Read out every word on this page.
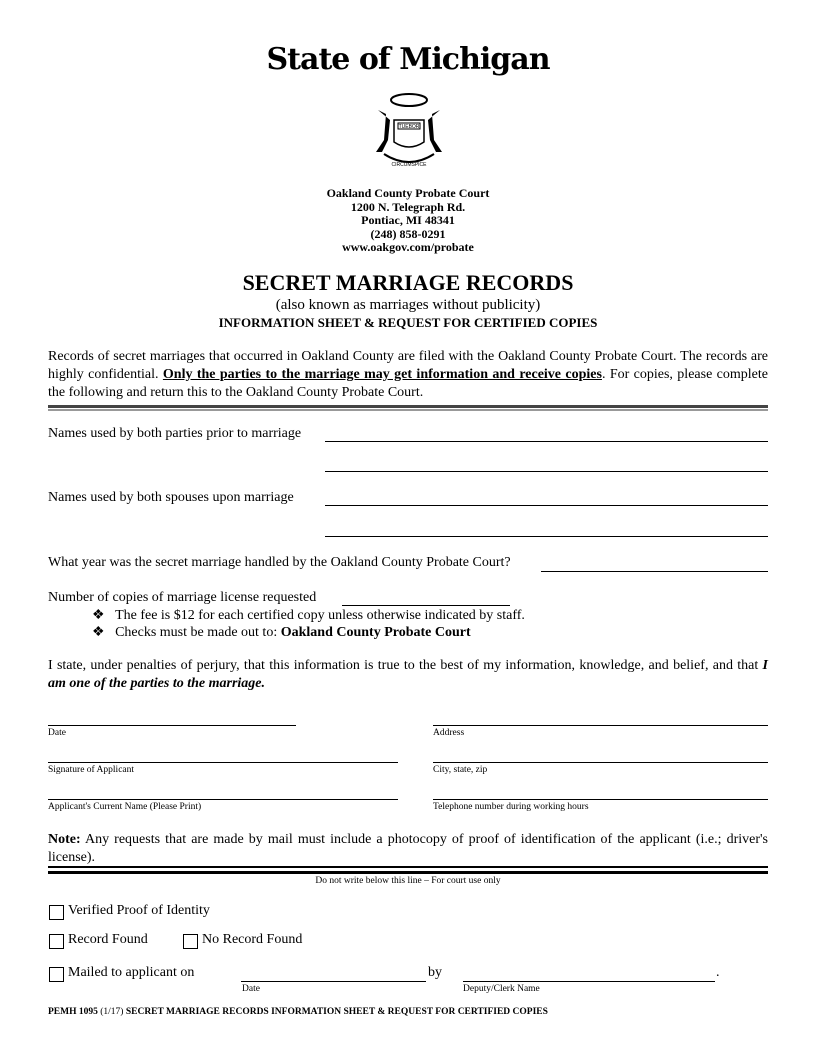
State of Michigan
TUEBOR
CIRCUMSPICE
Oakland County Probate Court
1200 N. Telegraph Rd.
Pontiac, MI 48341
(248) 858-0291
www.oakgov.com/probate
SECRET MARRIAGE RECORDS
(also known as marriages without publicity)
INFORMATION SHEET & REQUEST FOR CERTIFIED COPIES
Records of secret marriages that occurred in Oakland County are filed with the Oakland County Probate Court. The records are highly confidential. Only the parties to the marriage may get information and receive copies. For copies, please complete the following and return this to the Oakland County Probate Court.
Names used by both parties prior to marriage
Names used by both spouses upon marriage
What year was the secret marriage handled by the Oakland County Probate Court?
Number of copies of marriage license requested
❖   The fee is $12 for each certified copy unless otherwise indicated by staff.
❖   Checks must be made out to: Oakland County Probate Court
I state, under penalties of perjury, that this information is true to the best of my information, knowledge, and belief, and that I am one of the parties to the marriage.
Date
Signature of Applicant
Applicant's Current Name (Please Print)
Address
City, state, zip
Telephone number during working hours
Note: Any requests that are made by mail must include a photocopy of proof of identification of the applicant (i.e.; driver's license).
Do not write below this line – For court use only
Verified Proof of Identity
Record Found	No Record Found
Mailed to applicant on
Date
by	.
Deputy/Clerk Name
PEMH 1095 (1/17) SECRET MARRIAGE RECORDS INFORMATION SHEET & REQUEST FOR CERTIFIED COPIES
